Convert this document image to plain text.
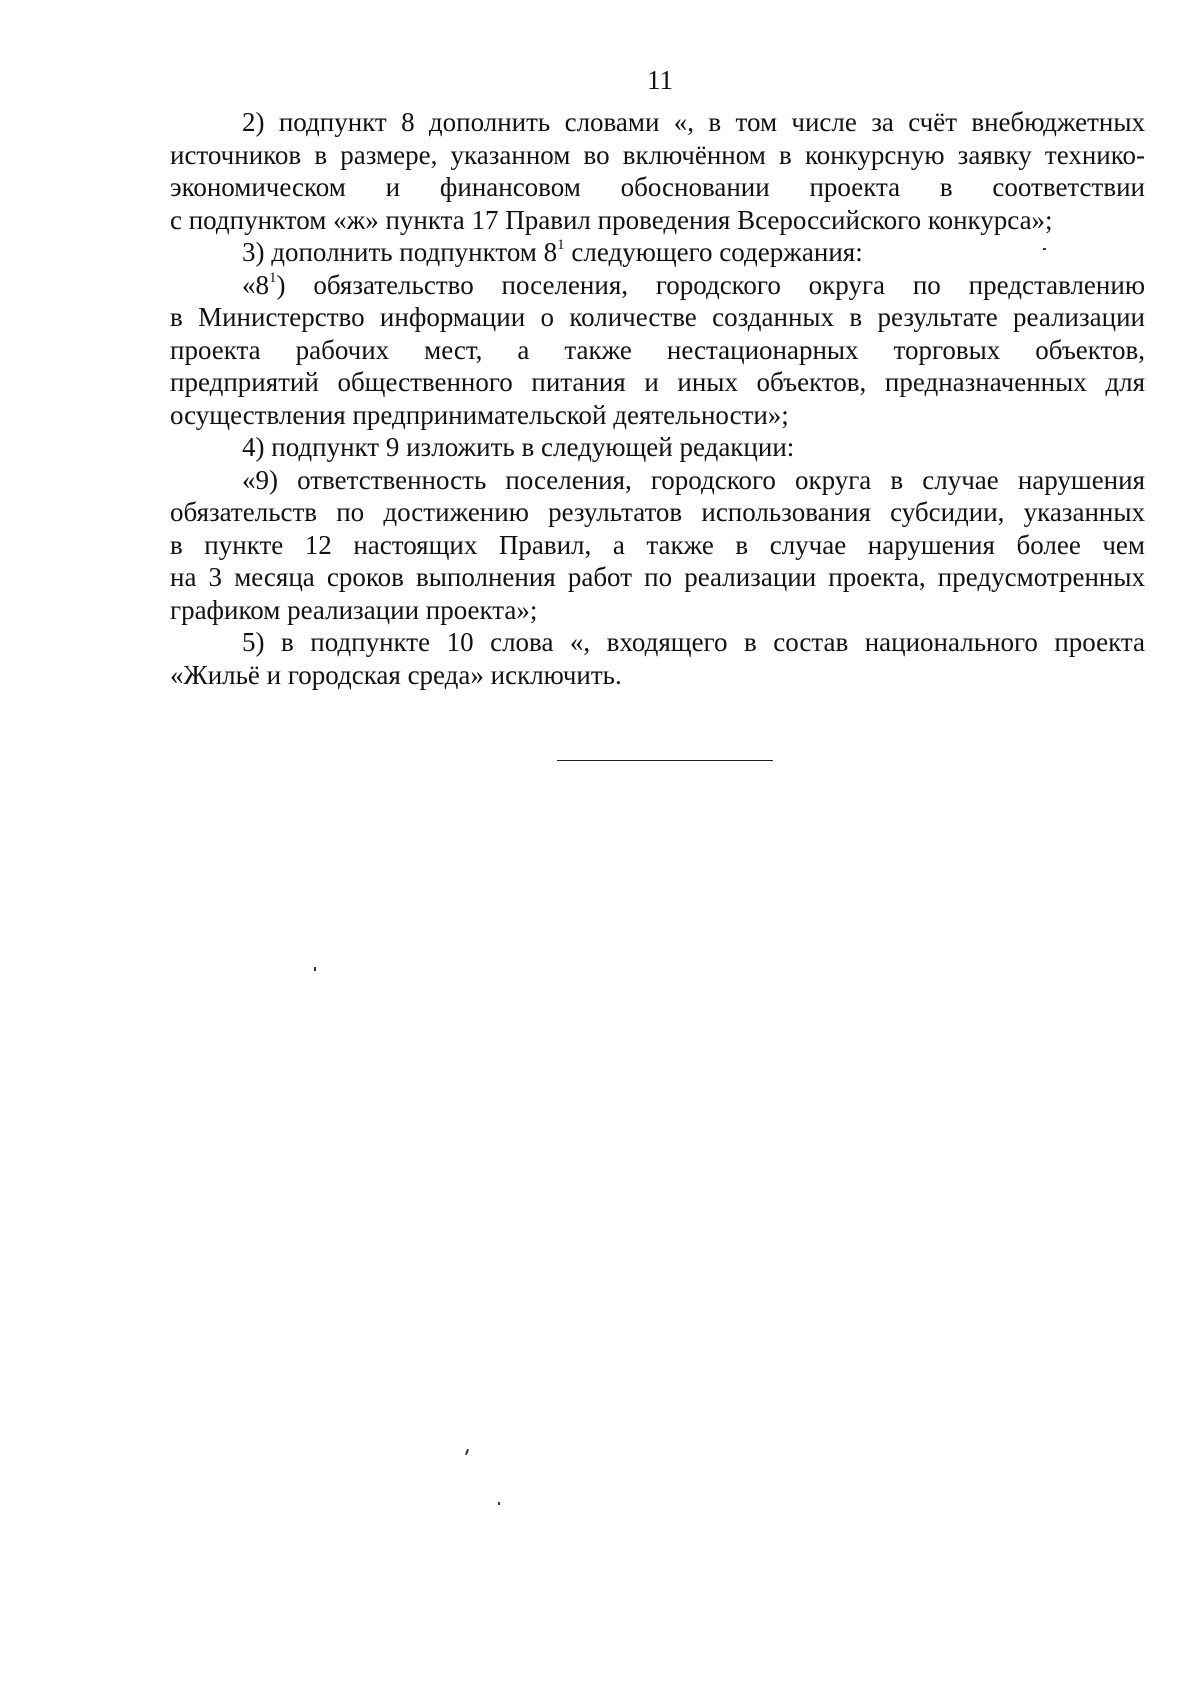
11
2) подпункт 8 дополнить словами «, в том числе за счёт внебюджетных
источников в размере, указанном во включённом в конкурсную заявку технико-
экономическом и финансовом обосновании проекта в соответствии
с подпунктом «ж» пункта 17 Правил проведения Всероссийского конкурса»;
3) дополнить подпунктом $8^1$ следующего содержания:
«$8^1$) обязательство поселения, городского округа по представлению
в Министерство информации о количестве созданных в результате реализации
проекта рабочих мест, а также нестационарных торговых объектов,
предприятий общественного питания и иных объектов, предназначенных для
осуществления предпринимательской деятельности»;
4) подпункт 9 изложить в следующей редакции:
«9) ответственность поселения, городского округа в случае нарушения
обязательств по достижению результатов использования субсидии, указанных
в пункте 12 настоящих Правил, а также в случае нарушения более чем
на 3 месяца сроков выполнения работ по реализации проекта, предусмотренных
графиком реализации проекта»;
5) в подпункте 10 слова «, входящего в состав национального проекта
«Жильё и городская среда» исключить.
